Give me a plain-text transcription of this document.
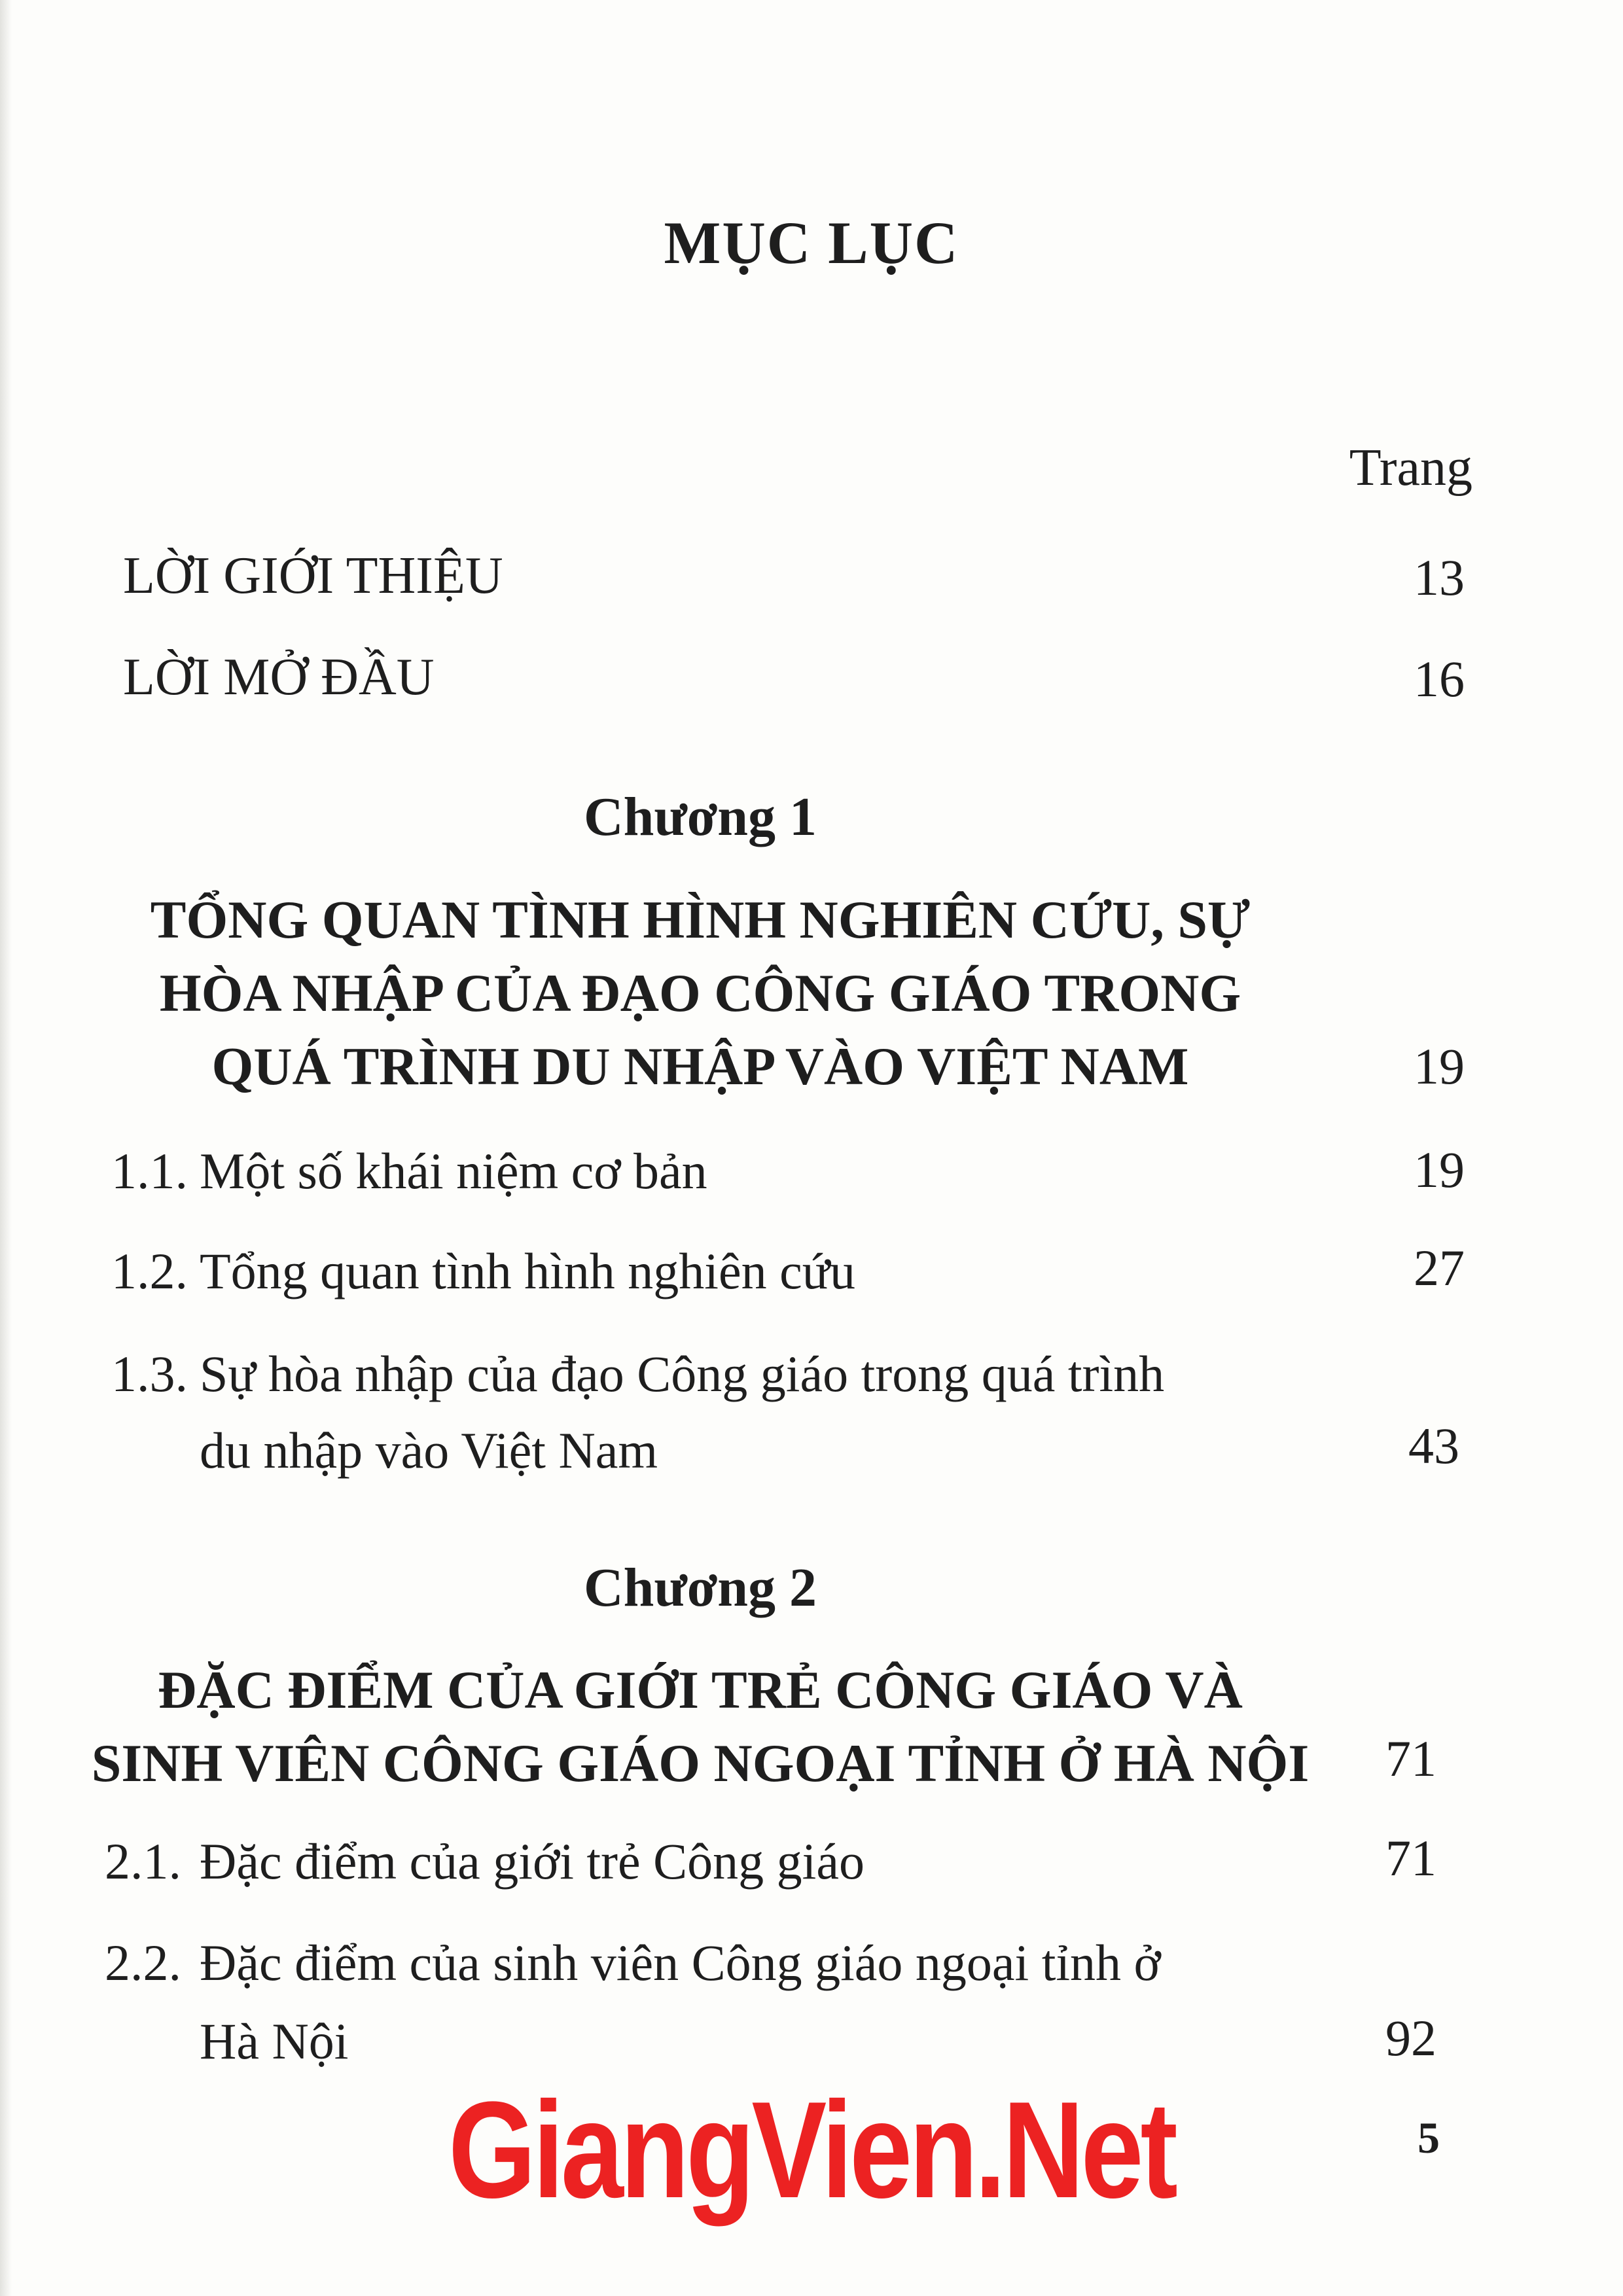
MỤC LỤC
Trang
LỜI GIỚI THIỆU	13
LỜI MỞ ĐẦU	16
Chương 1
TỔNG QUAN TÌNH HÌNH NGHIÊN CỨU, SỰ
HÒA NHẬP CỦA ĐẠO CÔNG GIÁO TRONG
QUÁ TRÌNH DU NHẬP VÀO VIỆT NAM	19
1.1. Một số khái niệm cơ bản	19
1.2. Tổng quan tình hình nghiên cứu	27
1.3. Sự hòa nhập của đạo Công giáo trong quá trình
du nhập vào Việt Nam	43
Chương 2
ĐẶC ĐIỂM CỦA GIỚI TRẺ CÔNG GIÁO VÀ
SINH VIÊN CÔNG GIÁO NGOẠI TỈNH Ở HÀ NỘI	71
2.1. Đặc điểm của giới trẻ Công giáo	71
2.2. Đặc điểm của sinh viên Công giáo ngoại tỉnh ở
Hà Nội	92
GiangVien.Net	5
